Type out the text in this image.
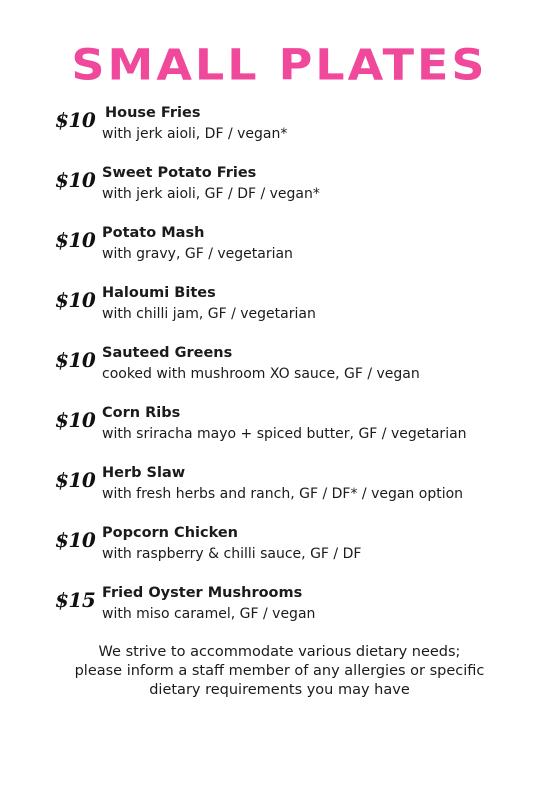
SMALL PLATES
$10 House Fries
with jerk aioli, DF / vegan*
$10 Sweet Potato Fries
with jerk aioli, GF / DF / vegan*
$10 Potato Mash
with gravy, GF / vegetarian
$10 Haloumi Bites
with chilli jam, GF / vegetarian
$10 Sauteed Greens
cooked with mushroom XO sauce, GF / vegan
$10 Corn Ribs
with sriracha mayo + spiced butter, GF / vegetarian
$10 Herb Slaw
with fresh herbs and ranch, GF / DF* / vegan option
$10 Popcorn Chicken
with raspberry & chilli sauce, GF / DF
$15 Fried Oyster Mushrooms
with miso caramel, GF / vegan
We strive to accommodate various dietary needs;
please inform a staff member of any allergies or specific
dietary requirements you may have
